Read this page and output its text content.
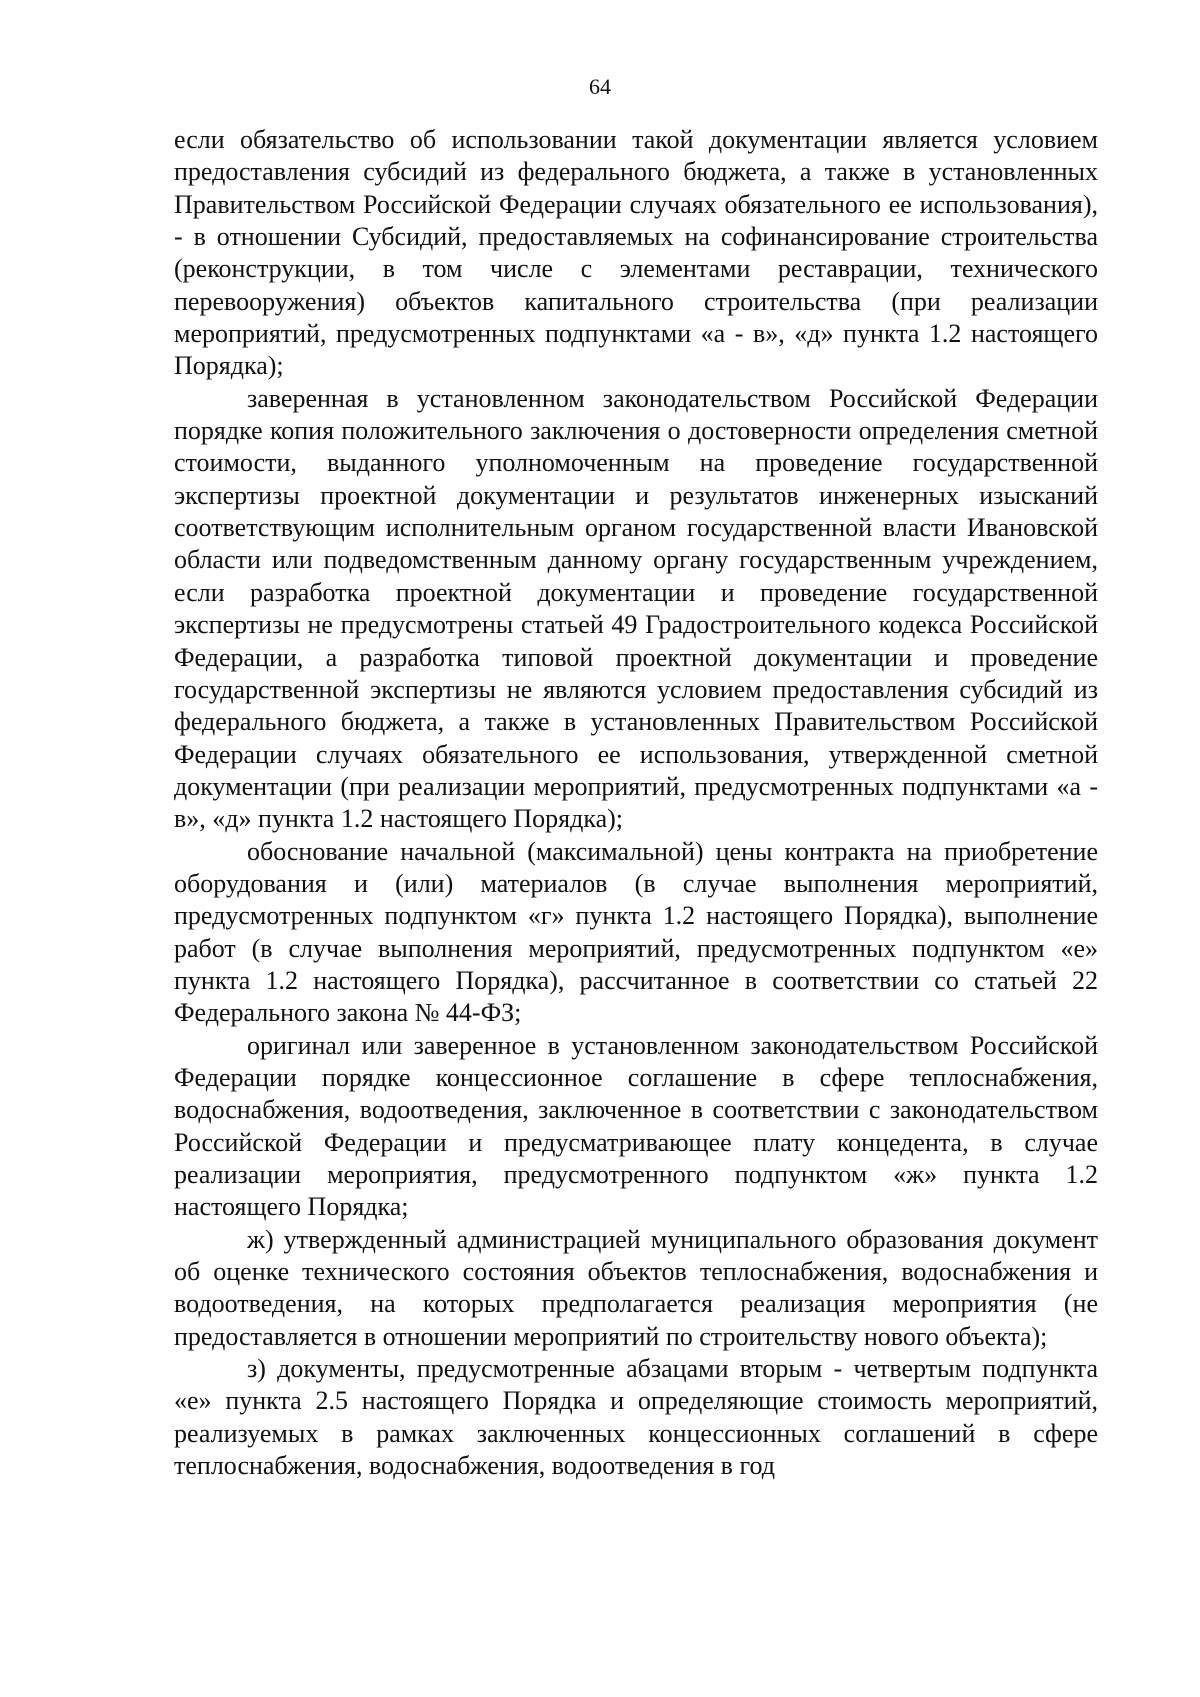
64

если обязательство об использовании такой документации является условием предоставления субсидий из федерального бюджета, а также в установленных Правительством Российской Федерации случаях обязательного ее использования), - в отношении Субсидий, предоставляемых на софинансирование строительства (реконструкции, в том числе с элементами реставрации, технического перевооружения) объектов капитального строительства (при реализации мероприятий, предусмотренных подпунктами «а - в», «д» пункта 1.2 настоящего Порядка);

заверенная в установленном законодательством Российской Федерации порядке копия положительного заключения о достоверности определения сметной стоимости, выданного уполномоченным на проведение государственной экспертизы проектной документации и результатов инженерных изысканий соответствующим исполнительным органом государственной власти Ивановской области или подведомственным данному органу государственным учреждением, если разработка проектной документации и проведение государственной экспертизы не предусмотрены статьей 49 Градостроительного кодекса Российской Федерации, а разработка типовой проектной документации и проведение государственной экспертизы не являются условием предоставления субсидий из федерального бюджета, а также в установленных Правительством Российской Федерации случаях обязательного ее использования, утвержденной сметной документации (при реализации мероприятий, предусмотренных подпунктами «а - в», «д» пункта 1.2 настоящего Порядка);

обоснование начальной (максимальной) цены контракта на приобретение оборудования и (или) материалов (в случае выполнения мероприятий, предусмотренных подпунктом «г» пункта 1.2 настоящего Порядка), выполнение работ (в случае выполнения мероприятий, предусмотренных подпунктом «е» пункта 1.2 настоящего Порядка), рассчитанное в соответствии со статьей 22 Федерального закона № 44-ФЗ;

оригинал или заверенное в установленном законодательством Российской Федерации порядке концессионное соглашение в сфере теплоснабжения, водоснабжения, водоотведения, заключенное в соответствии с законодательством Российской Федерации и предусматривающее плату концедента, в случае реализации мероприятия, предусмотренного подпунктом «ж» пункта 1.2 настоящего Порядка;

ж) утвержденный администрацией муниципального образования документ об оценке технического состояния объектов теплоснабжения, водоснабжения и водоотведения, на которых предполагается реализация мероприятия (не предоставляется в отношении мероприятий по строительству нового объекта);

з) документы, предусмотренные абзацами вторым - четвертым подпункта «е» пункта 2.5 настоящего Порядка и определяющие стоимость мероприятий, реализуемых в рамках заключенных концессионных соглашений в сфере теплоснабжения, водоснабжения, водоотведения в год
